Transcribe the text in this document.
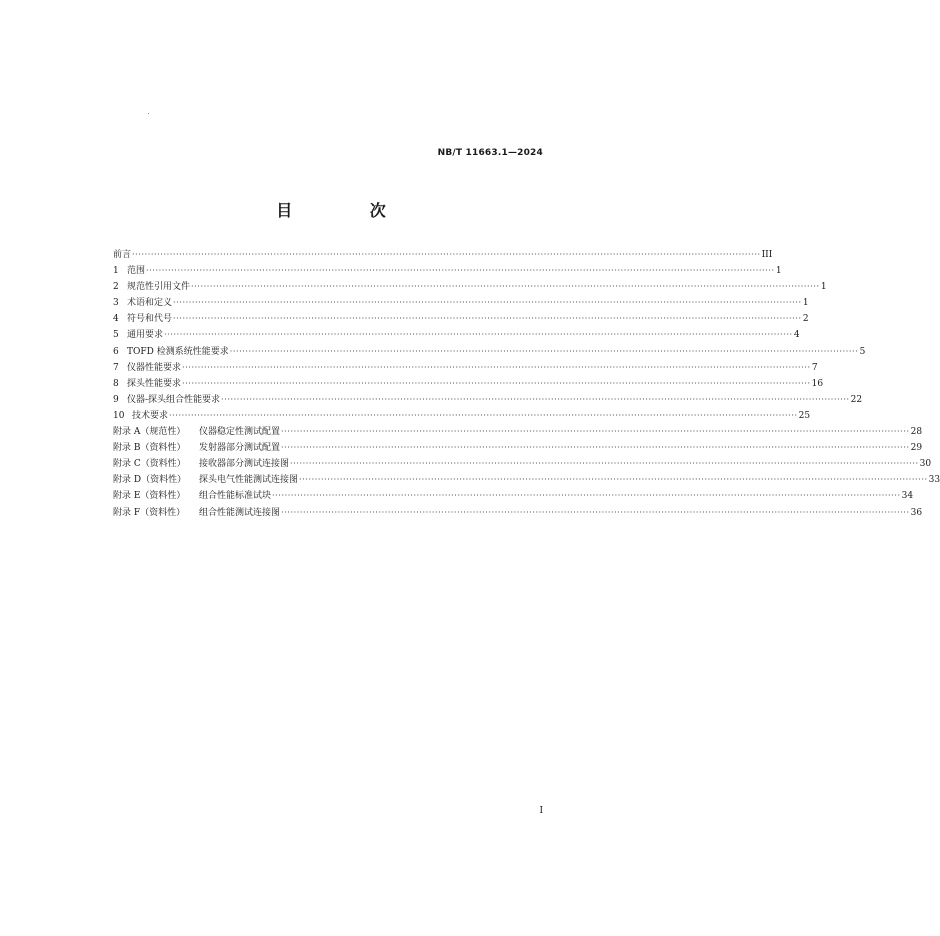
NB/T 11663.1—2024
目 次
前言 ········································································································································································································ III
1 范围 ········································································································································································································ 1
2 规范性引用文件 ········································································································································································································ 1
3 术语和定义 ········································································································································································································ 1
4 符号和代号 ········································································································································································································ 2
5 通用要求 ········································································································································································································ 4
6 TOFD 检测系统性能要求 ········································································································································································································ 5
7 仪器性能要求 ········································································································································································································ 7
8 探头性能要求 ········································································································································································································ 16
9 仪器-探头组合性能要求 ········································································································································································································ 22
10 技术要求 ········································································································································································································ 25
附录 A（规范性）	仪器稳定性测试配置 ········································································································································································································ 28
附录 B（资料性）	发射器部分测试配置 ········································································································································································································ 29
附录 C（资料性）	接收器部分测试连接图 ········································································································································································································ 30
附录 D（资料性）	探头电气性能测试连接图 ········································································································································································································ 33
附录 E（资料性）	组合性能标准试块 ········································································································································································································ 34
附录 F（资料性）	组合性能测试连接图 ········································································································································································································ 36
I
